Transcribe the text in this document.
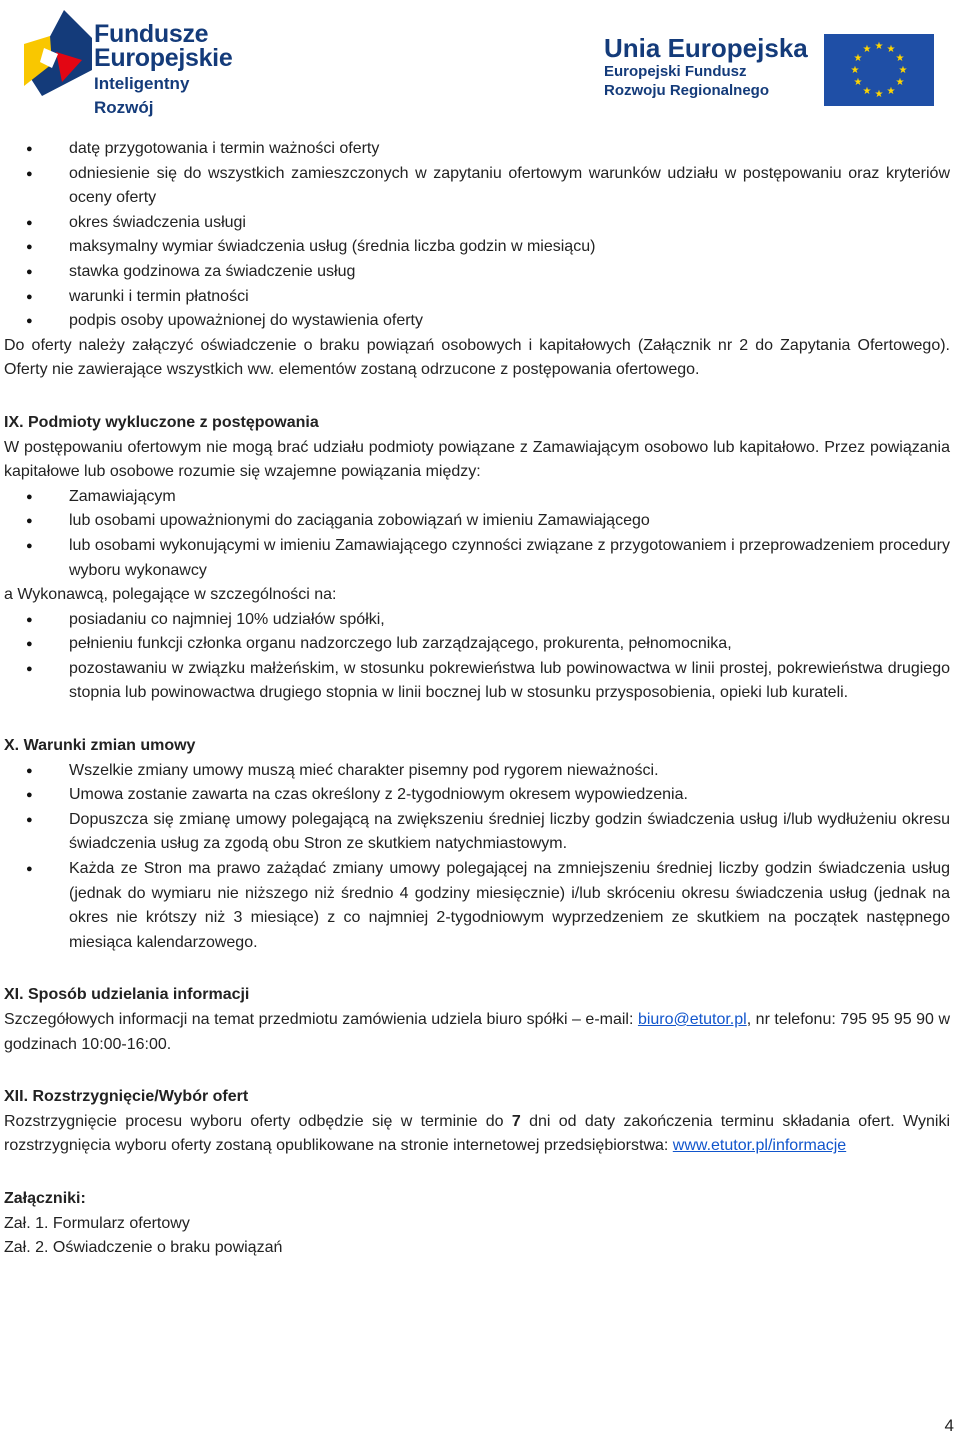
Fundusze
Europejskie
Inteligentny Rozwój
Unia Europejska
Europejski Fundusz
Rozwoju Regionalnego
★ ★
★
★
★
★
★
★
★
★
★
★
● datę przygotowania i termin ważności oferty
● odniesienie się do wszystkich zamieszczonych w zapytaniu ofertowym warunków udziału w postępowaniu oraz kryteriów oceny oferty
● okres świadczenia usługi
● maksymalny wymiar świadczenia usług (średnia liczba godzin w miesiącu)
● stawka godzinowa za świadczenie usług
● warunki i termin płatności
● podpis osoby upoważnionej do wystawienia oferty

Do oferty należy załączyć oświadczenie o braku powiązań osobowych i kapitałowych (Załącznik nr 2 do Zapytania Ofertowego). Oferty nie zawierające wszystkich ww. elementów zostaną odrzucone z postępowania ofertowego.

IX. Podmioty wykluczone z postępowania

W postępowaniu ofertowym nie mogą brać udziału podmioty powiązane z Zamawiającym osobowo lub kapitałowo. Przez powiązania kapitałowe lub osobowe rozumie się wzajemne powiązania między:

● Zamawiającym
● lub osobami upoważnionymi do zaciągania zobowiązań w imieniu Zamawiającego
● lub osobami wykonującymi w imieniu Zamawiającego czynności związane z przygotowaniem i przeprowadzeniem procedury wyboru wykonawcy

a Wykonawcą, polegające w szczególności na:

● posiadaniu co najmniej 10% udziałów spółki,
● pełnieniu funkcji członka organu nadzorczego lub zarządzającego, prokurenta, pełnomocnika,
● pozostawaniu w związku małżeńskim, w stosunku pokrewieństwa lub powinowactwa w linii prostej, pokrewieństwa drugiego stopnia lub powinowactwa drugiego stopnia w linii bocznej lub w stosunku przysposobienia, opieki lub kurateli.
X. Warunki zmian umowy
● Wszelkie zmiany umowy muszą mieć charakter pisemny pod rygorem nieważności.
● Umowa zostanie zawarta na czas określony z 2-tygodniowym okresem wypowiedzenia.
● Dopuszcza się zmianę umowy polegającą na zwiększeniu średniej liczby godzin świadczenia usług i/lub wydłużeniu okresu świadczenia usług za zgodą obu Stron ze skutkiem natychmiastowym.
● Każda ze Stron ma prawo zażądać zmiany umowy polegającej na zmniejszeniu średniej liczby godzin świadczenia usług (jednak do wymiaru nie niższego niż średnio 4 godziny miesięcznie) i/lub skróceniu okresu świadczenia usług (jednak na okres nie krótszy niż 3 miesiące) z co najmniej 2-tygodniowym wyprzedzeniem ze skutkiem na początek następnego miesiąca kalendarzowego.
XI. Sposób udzielania informacji

Szczegółowych informacji na temat przedmiotu zamówienia udziela biuro spółki – e-mail: biuro@etutor.pl, nr telefonu: 795 95 95 90 w godzinach 10:00-16:00.

XII. Rozstrzygnięcie/Wybór ofert

Rozstrzygnięcie procesu wyboru oferty odbędzie się w terminie do 7 dni od daty zakończenia terminu składania ofert. Wyniki rozstrzygnięcia wyboru oferty zostaną opublikowane na stronie internetowej przedsiębiorstwa: www.etutor.pl/informacje

Załączniki:

Zał. 1. Formularz ofertowy

Zał. 2. Oświadczenie o braku powiązań

4
